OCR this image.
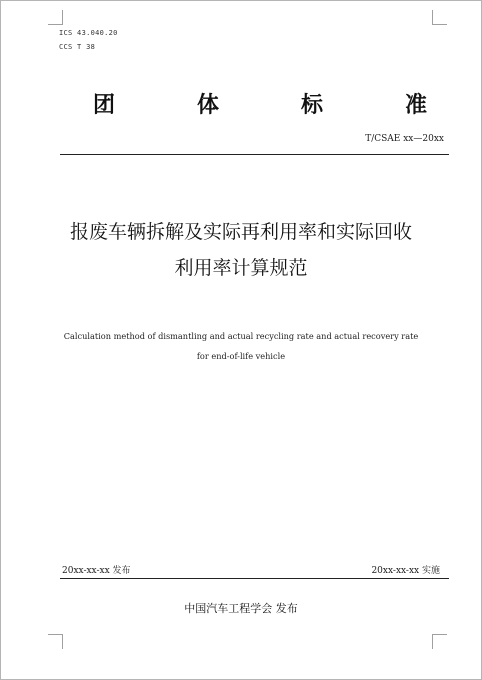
ICS 43.040.20
CCS T 38
团	体	标	准
T/CSAE xx—20xx
报废车辆拆解及实际再利用率和实际回收
利用率计算规范
Calculation method of dismantling and actual recycling rate and actual recovery rate
for end-of-life vehicle
20xx-xx-xx 发布	20xx-xx-xx 实施
中国汽车工程学会 发布
